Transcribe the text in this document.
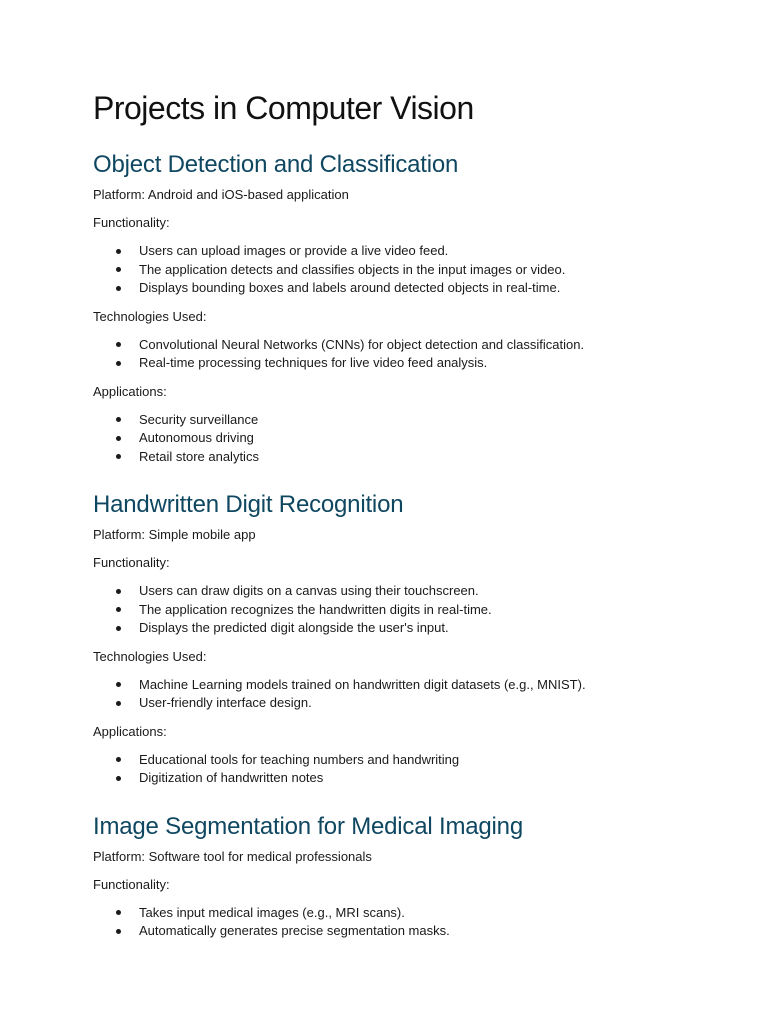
Projects in Computer Vision
Object Detection and Classification

Platform: Android and iOS-based application

Functionality:

Users can upload images or provide a live video feed.
The application detects and classifies objects in the input images or video.
Displays bounding boxes and labels around detected objects in real-time.

Technologies Used:

Convolutional Neural Networks (CNNs) for object detection and classification.
Real-time processing techniques for live video feed analysis.

Applications:

Security surveillance
Autonomous driving
Retail store analytics
Handwritten Digit Recognition

Platform: Simple mobile app

Functionality:

Users can draw digits on a canvas using their touchscreen.
The application recognizes the handwritten digits in real-time.
Displays the predicted digit alongside the user's input.

Technologies Used:

Machine Learning models trained on handwritten digit datasets (e.g., MNIST).
User-friendly interface design.

Applications:

Educational tools for teaching numbers and handwriting
Digitization of handwritten notes
Image Segmentation for Medical Imaging

Platform: Software tool for medical professionals

Functionality:

Takes input medical images (e.g., MRI scans).
Automatically generates precise segmentation masks.
